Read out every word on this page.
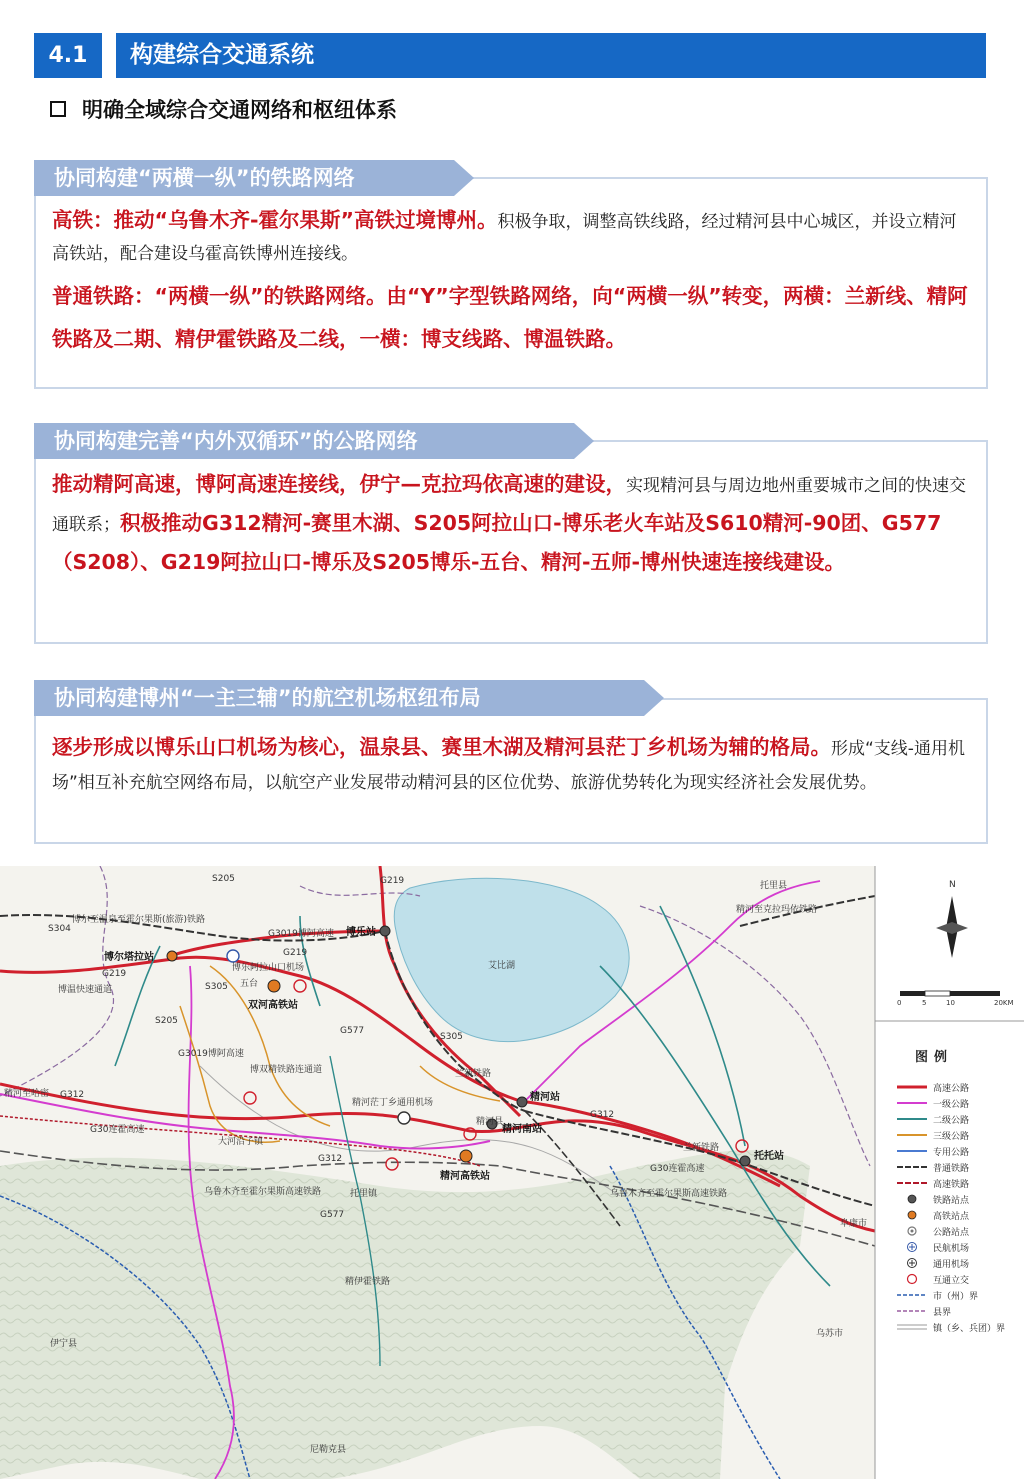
4.1	构建综合交通系统
明确全域综合交通网络和枢纽体系
协同构建“两横一纵”的铁路网络
高铁：推动“乌鲁木齐-霍尔果斯”高铁过境博州。积极争取，调整高铁线路，经过精河县中心城区，并设立精河高铁站，配合建设乌霍高铁博州连接线。
普通铁路：“两横一纵”的铁路网络。由“Y”字型铁路网络，向“两横一纵”转变，两横：兰新线、精阿铁路及二期、精伊霍铁路及二线，一横：博支线路、博温铁路。
协同构建完善“内外双循环”的公路网络
推动精阿高速，博阿高速连接线，伊宁—克拉玛依高速的建设，实现精河县与周边地州重要城市之间的快速交通联系；积极推动G312精河-赛里木湖、S205阿拉山口-博乐老火车站及S610精河-90团、G577（S208）、G219阿拉山口-博乐及S205博乐-五台、精河-五师-博州快速连接线建设。
协同构建博州“一主三辅”的航空机场枢纽布局
逐步形成以博乐山口机场为核心，温泉县、赛里木湖及精河县茫丁乡机场为辅的格局。形成“支线-通用机场”相互补充航空网络布局，以航空产业发展带动精河县的区位优势、旅游优势转化为现实经济社会发展优势。
博乐站
博尔塔拉站
双河高铁站
精河站
精河南站
精河高铁站
托托站
艾比湖
托里县
S304
S205
博尔至温泉至霍尔果斯(旅游)铁路
G3019博阿高速
G219
G219
G219
博温快速通道	S305
S305
博乐阿拉山口机场
S205
G577
G577
G312
G312
G312
G30连霍高速
G30连霍高速
博双精铁路连通道
精河茫丁乡通用机场
兰新铁路
兰新铁路
乌鲁木齐至霍尔果斯高速铁路	乌鲁木齐至霍尔果斯高速铁路
精伊霍铁路
精河至克拉玛依铁路
伊宁县
尼勒克县
乌苏市
阜康市
精河至哈密
托里镇
大河沿子镇
精河县
五台
G3019博阿高速
N
0	5	10	20KM
图例
高速公路
一级公路
二级公路
三级公路
专用公路
普通铁路
高速铁路
铁路站点
高铁站点
公路站点
民航机场
通用机场
互通立交
市（州）界
县界
镇（乡、兵团）界
